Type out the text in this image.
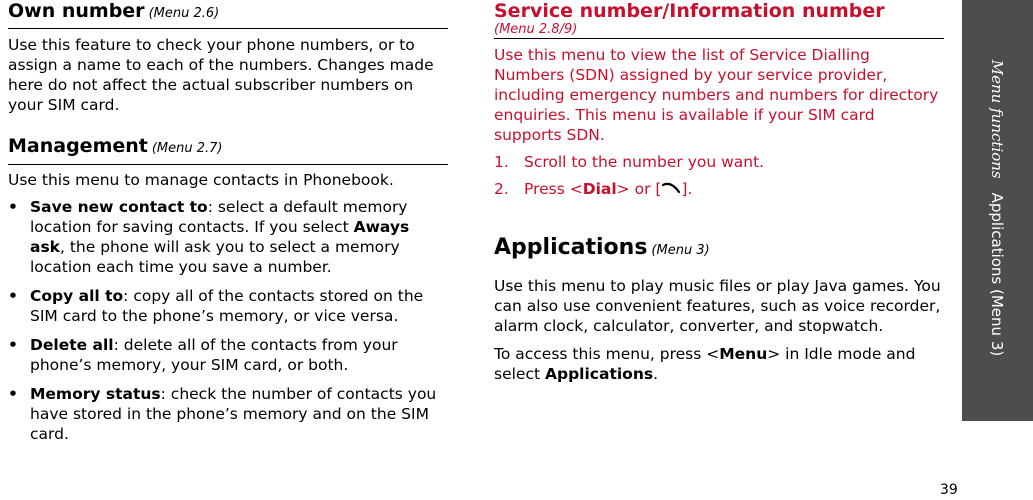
Own number (Menu 2.6)

Use this feature to check your phone numbers, or to assign a name to each of the numbers. Changes made here do not affect the actual subscriber numbers on your SIM card.

Management (Menu 2.7)

Use this menu to manage contacts in Phonebook.

• Save new contact to: select a default memory location for saving contacts. If you select Aways ask, the phone will ask you to select a memory location each time you save a number.
• Copy all to: copy all of the contacts stored on the SIM card to the phone’s memory, or vice versa.
• Delete all: delete all of the contacts from your phone’s memory, your SIM card, or both.
• Memory status: check the number of contacts you have stored in the phone’s memory and on the SIM card.
Service number/Information number
(Menu 2.8/9)

Use this menu to view the list of Service Dialling Numbers (SDN) assigned by your service provider, including emergency numbers and numbers for directory enquiries. This menu is available if your SIM card supports SDN.

1. Scroll to the number you want.
2. Press <Dial> or [ ].
Applications (Menu 3)

Use this menu to play music files or play Java games. You can also use convenient features, such as voice recorder, alarm clock, calculator, converter, and stopwatch.

To access this menu, press <Menu> in Idle mode and select Applications.

Menu functionsApplications (Menu 3)
39
